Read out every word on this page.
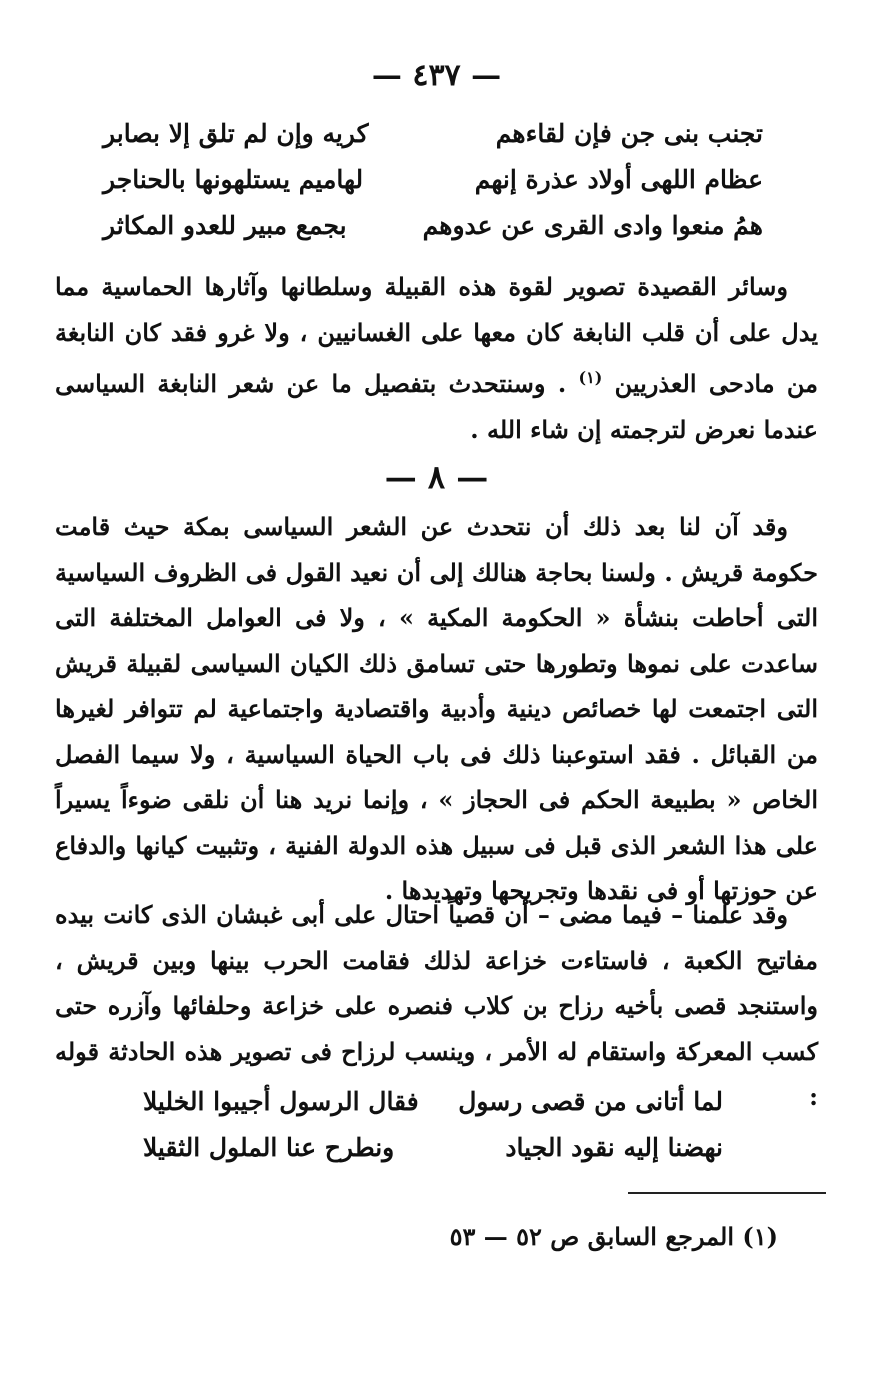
— ٤٣٧ —
تجنب بنى جن فإن لقاءهم
كريه وإن لم تلق إلا بصابر
عظام اللهى أولاد عذرة إنهم
لهاميم يستلهونها بالحناجر
همُ منعوا وادى القرى عن عدوهم
بجمع مبير للعدو المكاثر
وسائر القصيدة تصوير لقوة هذه القبيلة وسلطانها وآثارها الحماسية مما يدل على أن قلب النابغة كان معها على الغسانيين ، ولا غرو فقد كان النابغة من مادحى العذريين $^{(١)}$ . وسنتحدث بتفصيل ما عن شعر النابغة السياسى عندما نعرض لترجمته إن شاء الله .
— ٨ —
وقد آن لنا بعد ذلك أن نتحدث عن الشعر السياسى بمكة حيث قامت حكومة قريش . ولسنا بحاجة هنالك إلى أن نعيد القول فى الظروف السياسية التى أحاطت بنشأة « الحكومة المكية » ، ولا فى العوامل المختلفة التى ساعدت على نموها وتطورها حتى تسامق ذلك الكيان السياسى لقبيلة قريش التى اجتمعت لها خصائص دينية وأدبية واقتصادية واجتماعية لم تتوافر لغيرها من القبائل . فقد استوعبنا ذلك فى باب الحياة السياسية ، ولا سيما الفصل الخاص « بطبيعة الحكم فى الحجاز » ، وإنما نريد هنا أن نلقى ضوءاً يسيراً على هذا الشعر الذى قبل فى سبيل هذه الدولة الفنية ، وتثبيت كيانها والدفاع عن حوزتها أو فى نقدها وتجريحها وتهديدها .
وقد علمنا – فيما مضى – أن قصياً احتال على أبى غبشان الذى كانت بيده مفاتيح الكعبة ، فاستاءت خزاعة لذلك فقامت الحرب بينها وبين قريش ، واستنجد قصى بأخيه رزاح بن كلاب فنصره على خزاعة وحلفائها وآزره حتى كسب المعركة واستقام له الأمر ، وينسب لرزاح فى تصوير هذه الحادثة قوله :
لما أتانى من قصى رسول
فقال الرسول أجيبوا الخليلا
نهضنا إليه نقود الجياد
ونطرح عنا الملول الثقيلا
(١) المرجع السابق ص ٥٢ — ٥٣
